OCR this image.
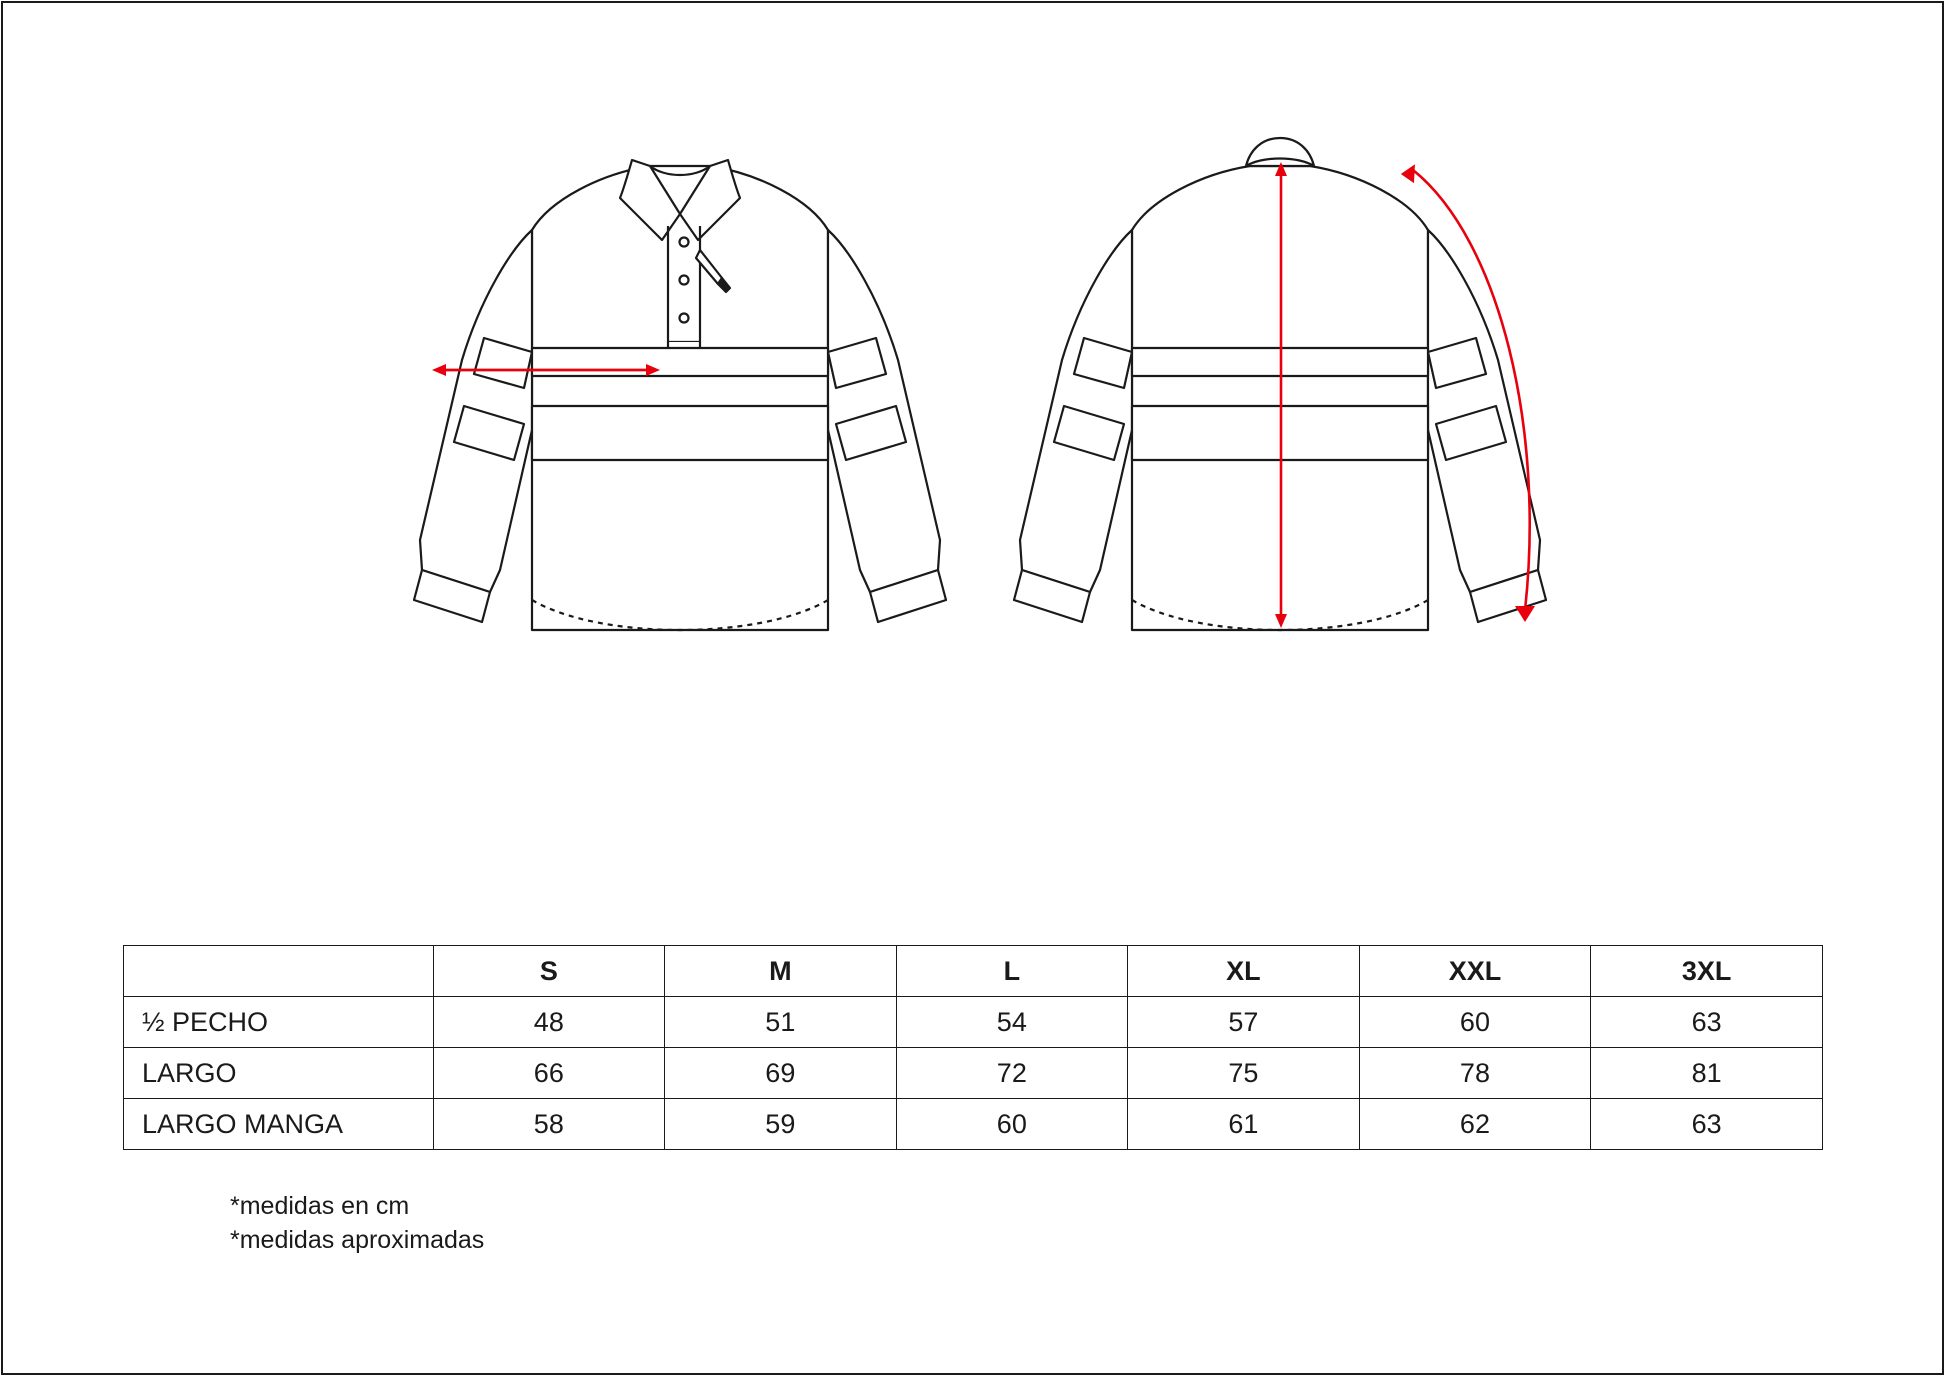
	S	M	L	XL	XXL	3XL
½ PECHO	48	51	54	57	60	63
LARGO	66	69	72	75	78	81
LARGO MANGA	58	59	60	61	62	63
*medidas en cm
*medidas aproximadas
